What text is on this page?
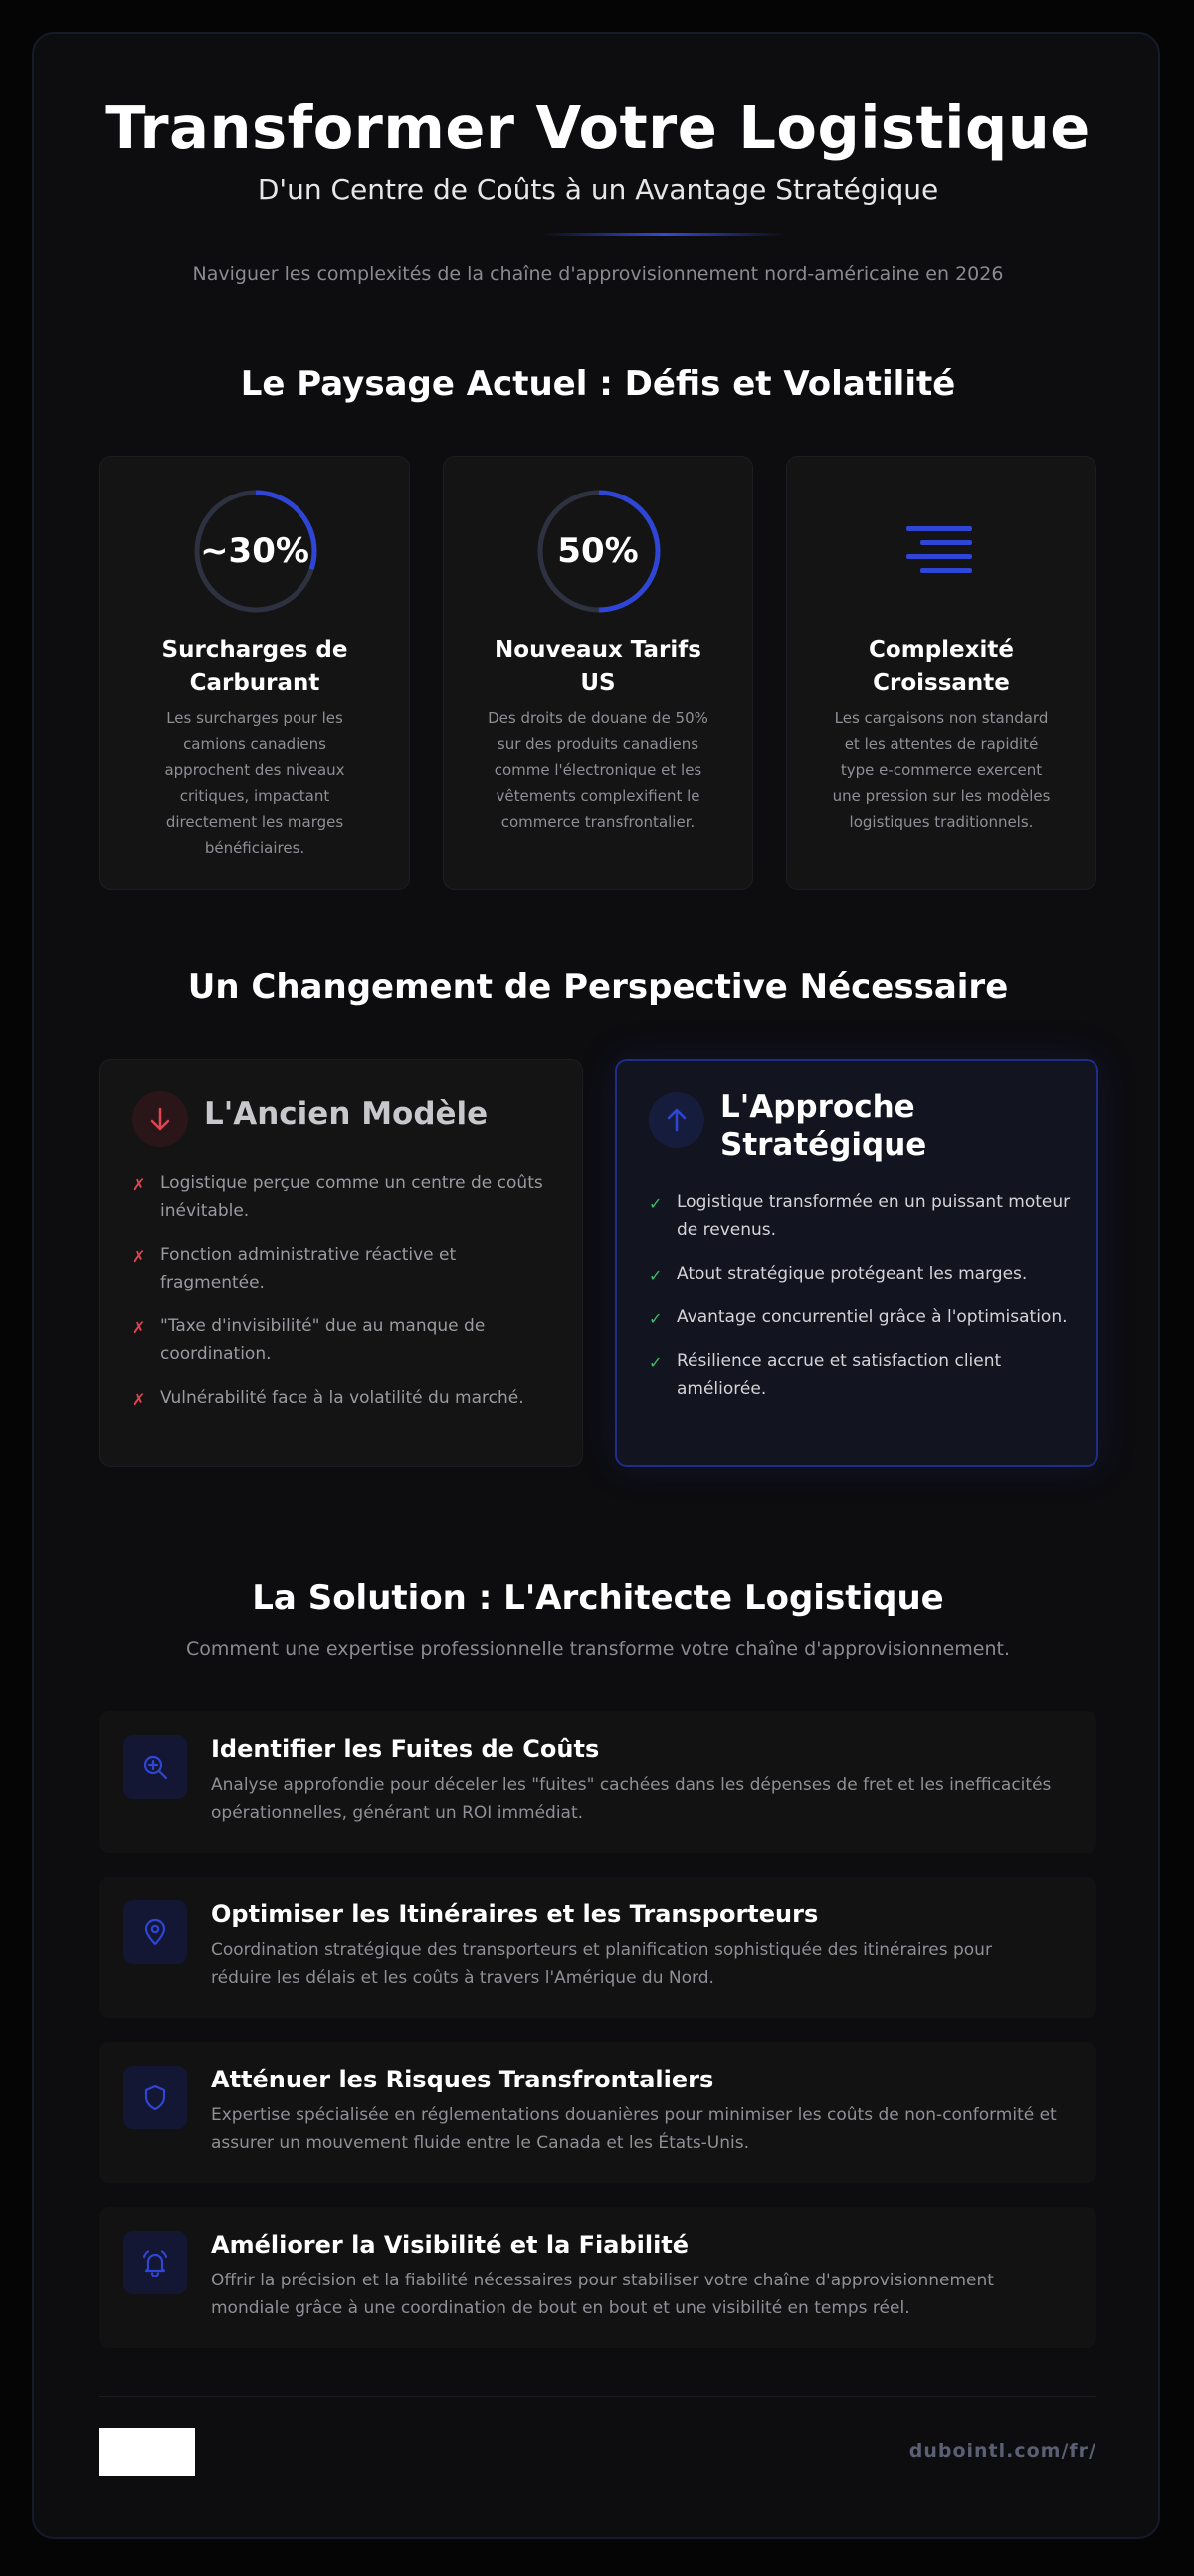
Transformer Votre Logistique
D'un Centre de Coûts à un Avantage Stratégique
Naviguer les complexités de la chaîne d'approvisionnement nord-américaine en 2026
Le Paysage Actuel : Défis et Volatilité
~30%
Surcharges de Carburant
Les surcharges pour les camions canadiens approchent des niveaux critiques, impactant directement les marges bénéficiaires.
50%
Nouveaux Tarifs US
Des droits de douane de 50% sur des produits canadiens comme l'électronique et les vêtements complexifient le commerce transfrontalier.
Complexité Croissante
Les cargaisons non standard et les attentes de rapidité type e-commerce exercent une pression sur les modèles logistiques traditionnels.
Un Changement de Perspective Nécessaire
L'Ancien Modèle
✗ Logistique perçue comme un centre de coûts inévitable.
✗ Fonction administrative réactive et fragmentée.
✗ "Taxe d'invisibilité" due au manque de coordination.
✗ Vulnérabilité face à la volatilité du marché.
L'Approche Stratégique
✓ Logistique transformée en un puissant moteur de revenus.
✓ Atout stratégique protégeant les marges.
✓ Avantage concurrentiel grâce à l'optimisation.
✓ Résilience accrue et satisfaction client améliorée.
La Solution : L'Architecte Logistique
Comment une expertise professionnelle transforme votre chaîne d'approvisionnement.
Identifier les Fuites de Coûts
Analyse approfondie pour déceler les "fuites" cachées dans les dépenses de fret et les inefficacités opérationnelles, générant un ROI immédiat.
Optimiser les Itinéraires et les Transporteurs
Coordination stratégique des transporteurs et planification sophistiquée des itinéraires pour réduire les délais et les coûts à travers l'Amérique du Nord.
Atténuer les Risques Transfrontaliers
Expertise spécialisée en réglementations douanières pour minimiser les coûts de non-conformité et assurer un mouvement fluide entre le Canada et les États-Unis.
Améliorer la Visibilité et la Fiabilité
Offrir la précision et la fiabilité nécessaires pour stabiliser votre chaîne d'approvisionnement mondiale grâce à une coordination de bout en bout et une visibilité en temps réel.
dubointl.com/fr/
